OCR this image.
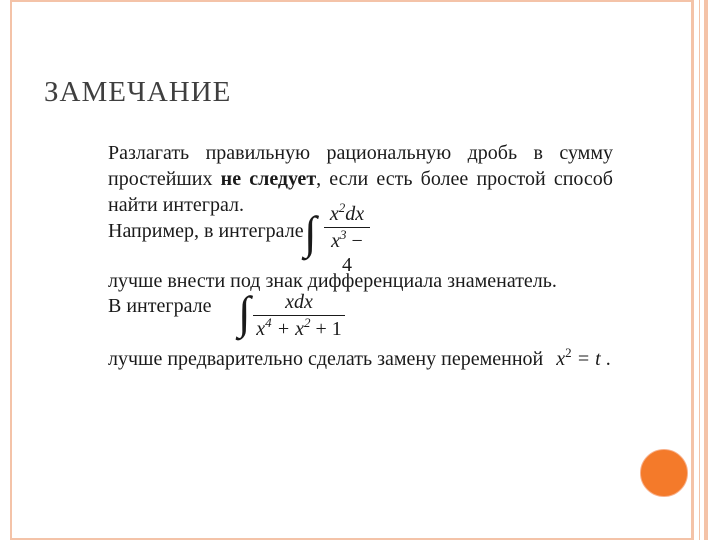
ЗАМЕЧАНИЕ
Разлагать правильную рациональную дробь в сумму
простейших не следует, если есть более простой способ
найти интеграл.
Например, в интеграле ∫ $x^2dx$
$x^3 - 4$
лучше внести под знак дифференциала знаменатель.
В интеграле ∫	xdx
$x^4 + x^2 + 1$
лучше предварительно сделать замену переменной $x^2 = t$ .
